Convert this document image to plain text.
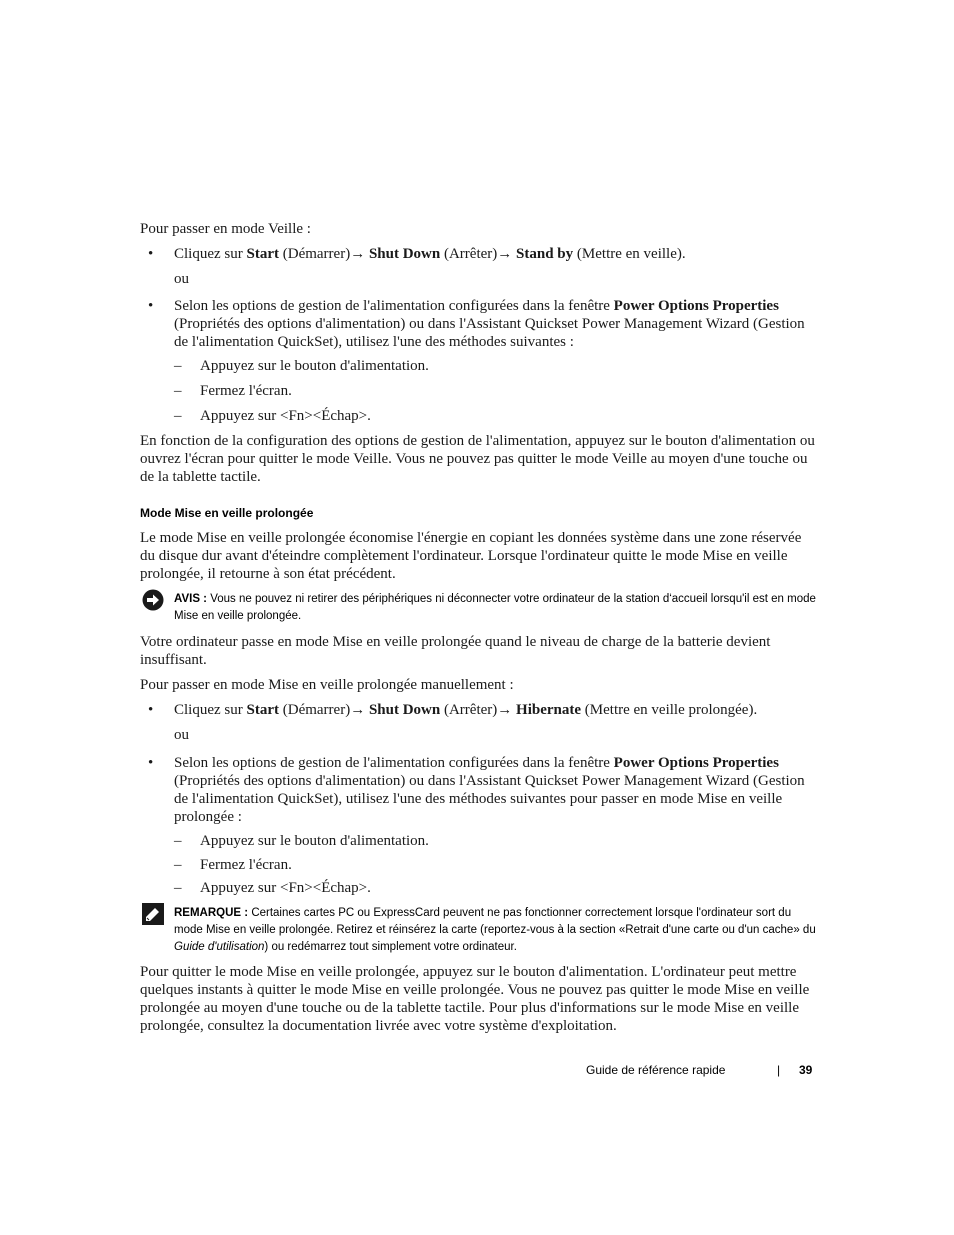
Pour passer en mode Veille :
• Cliquez sur Start (Démarrer)→ Shut Down (Arrêter)→ Stand by (Mettre en veille).
ou
• Selon les options de gestion de l'alimentation configurées dans la fenêtre Power Options Properties (Propriétés des options d'alimentation) ou dans l'Assistant Quickset Power Management Wizard (Gestion de l'alimentation QuickSet), utilisez l'une des méthodes suivantes :
– Appuyez sur le bouton d'alimentation.
– Fermez l'écran.
– Appuyez sur <Fn><Échap>.
En fonction de la configuration des options de gestion de l'alimentation, appuyez sur le bouton d'alimentation ou ouvrez l'écran pour quitter le mode Veille. Vous ne pouvez pas quitter le mode Veille au moyen d'une touche ou de la tablette tactile.
Mode Mise en veille prolongée
Le mode Mise en veille prolongée économise l'énergie en copiant les données système dans une zone réservée du disque dur avant d'éteindre complètement l'ordinateur. Lorsque l'ordinateur quitte le mode Mise en veille prolongée, il retourne à son état précédent.
AVIS : Vous ne pouvez ni retirer des périphériques ni déconnecter votre ordinateur de la station d‘accueil lorsqu'il est en mode Mise en veille prolongée.
Votre ordinateur passe en mode Mise en veille prolongée quand le niveau de charge de la batterie devient insuffisant.
Pour passer en mode Mise en veille prolongée manuellement :
• Cliquez sur Start (Démarrer)→ Shut Down (Arrêter)→ Hibernate (Mettre en veille prolongée).
ou
• Selon les options de gestion de l'alimentation configurées dans la fenêtre Power Options Properties (Propriétés des options d'alimentation) ou dans l'Assistant Quickset Power Management Wizard (Gestion de l'alimentation QuickSet), utilisez l'une des méthodes suivantes pour passer en mode Mise en veille prolongée :
– Appuyez sur le bouton d'alimentation.
– Fermez l'écran.
– Appuyez sur <Fn><Échap>.
REMARQUE : Certaines cartes PC ou ExpressCard peuvent ne pas fonctionner correctement lorsque l'ordinateur sort du mode Mise en veille prolongée. Retirez et réinsérez la carte (reportez-vous à la section «Retrait d'une carte ou d'un cache» du Guide d'utilisation) ou redémarrez tout simplement votre ordinateur.
Pour quitter le mode Mise en veille prolongée, appuyez sur le bouton d'alimentation. L'ordinateur peut mettre quelques instants à quitter le mode Mise en veille prolongée. Vous ne pouvez pas quitter le mode Mise en veille prolongée au moyen d'une touche ou de la tablette tactile. Pour plus d'informations sur le mode Mise en veille prolongée, consultez la documentation livrée avec votre système d'exploitation.
Guide de référence rapide	| 39
